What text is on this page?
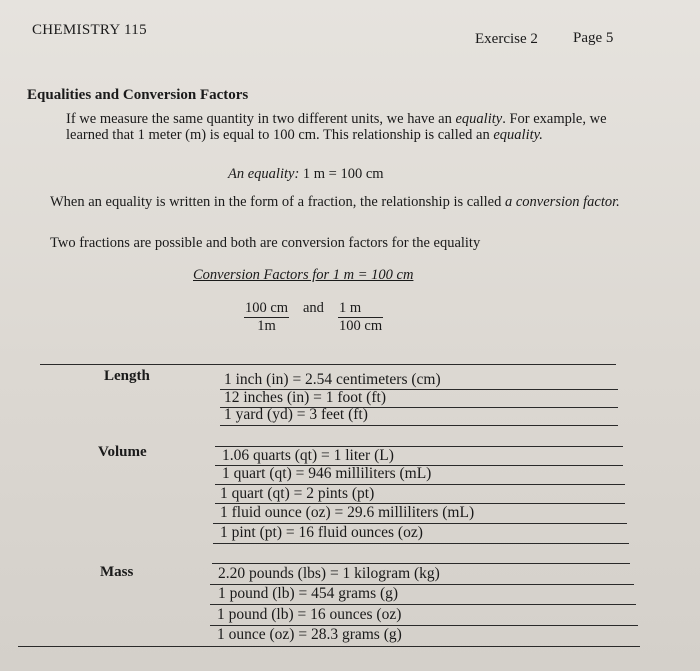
CHEMISTRY 115
Exercise 2 Page 5
Equalities and Conversion Factors
If we measure the same quantity in two different units, we have an equality. For example, we learned that 1 meter (m) is equal to 100 cm. This relationship is called an equality.
An equality: 1 m = 100 cm
When an equality is written in the form of a fraction, the relationship is called a conversion factor.
Two fractions are possible and both are conversion factors for the equality
Conversion Factors for 1 m = 100 cm
$\frac{100 cm}{1m}$ and $\frac{1 m}{100 cm}$
Length	1 inch (in) = 2.54 centimeters (cm)
12 inches (in) = 1 foot (ft)
1 yard (yd) = 3 feet (ft)
Volume	1.06 quarts (qt) = 1 liter (L)
1 quart (qt) = 946 milliliters (mL)
1 quart (qt) = 2 pints (pt)
1 fluid ounce (oz) = 29.6 milliliters (mL)
1 pint (pt) = 16 fluid ounces (oz)
Mass	2.20 pounds (lbs) = 1 kilogram (kg)
1 pound (lb) = 454 grams (g)
1 pound (lb) = 16 ounces (oz)
1 ounce (oz) = 28.3 grams (g)
